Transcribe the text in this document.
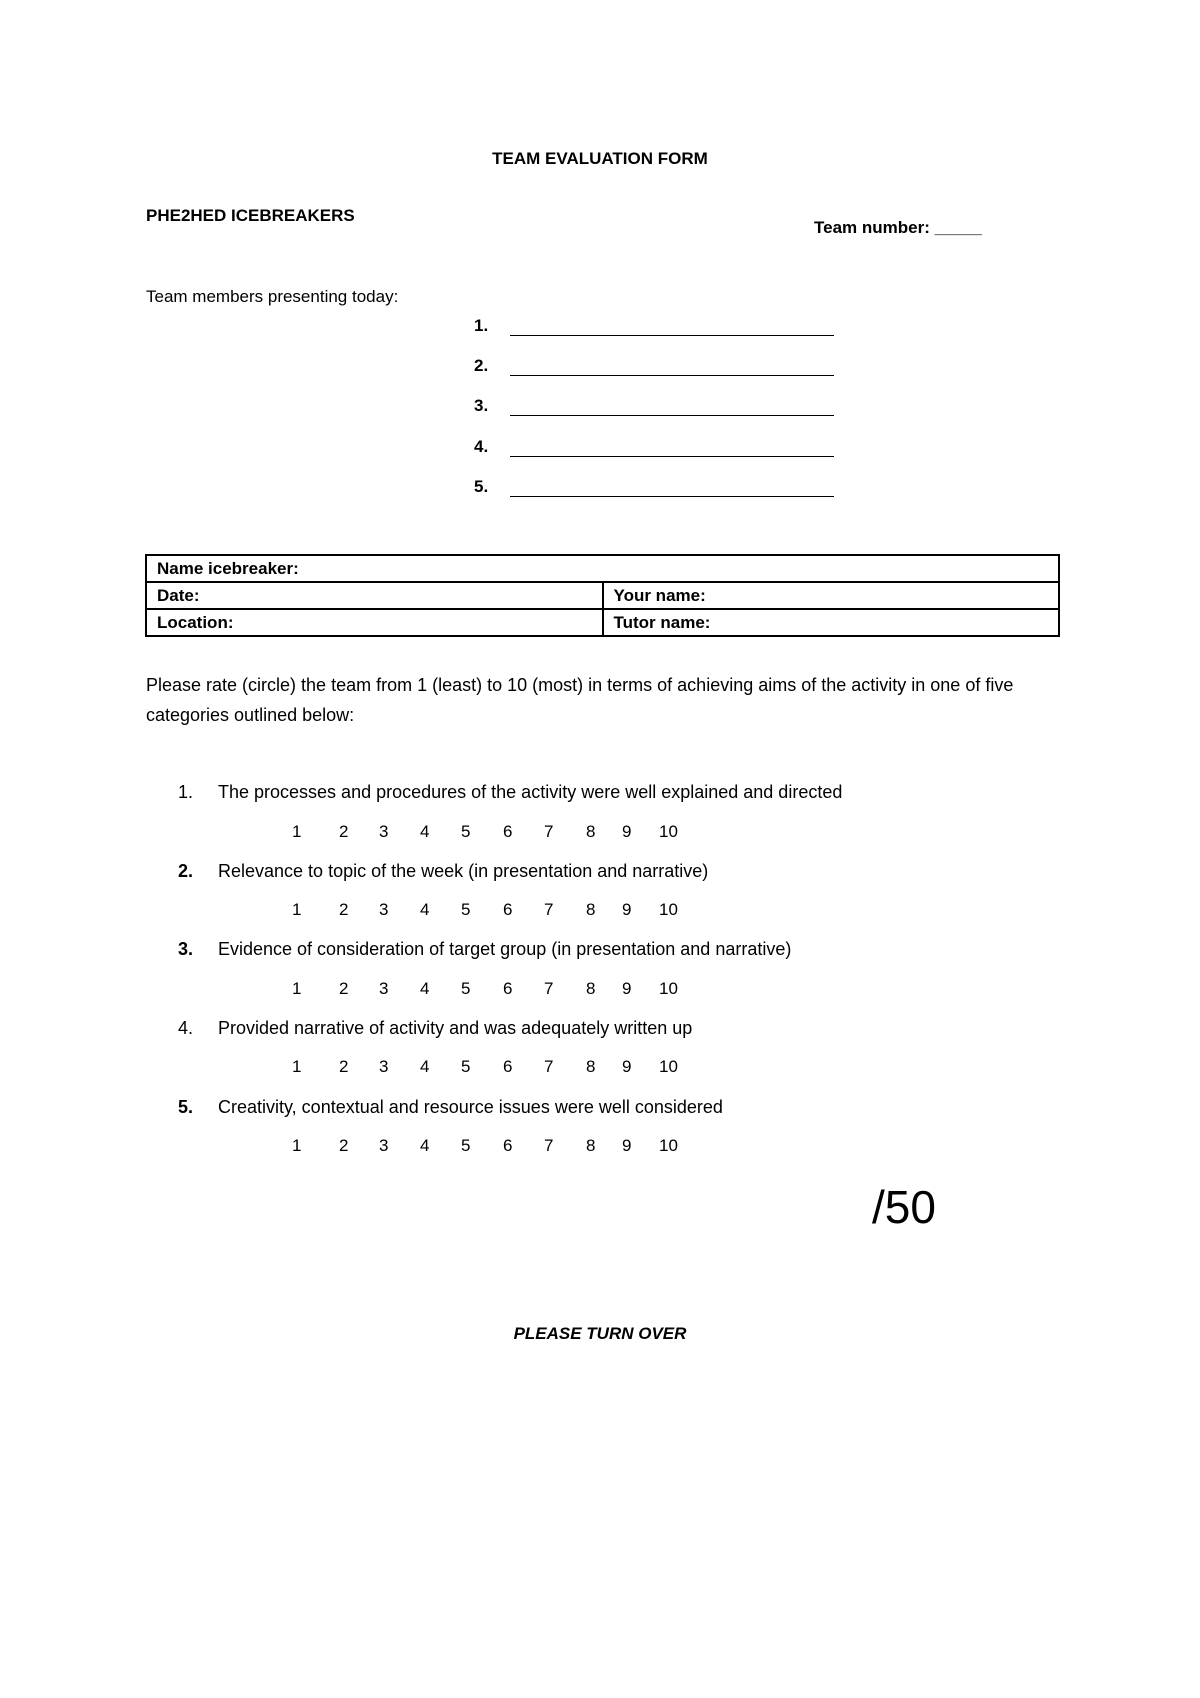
TEAM EVALUATION FORM
PHE2HED ICEBREAKERS
Team number: _____
Team members presenting today:
1.
2.
3.
4.
5.
Name icebreaker:	
Date:	Your name:
Location:	Tutor name:
Please rate (circle) the team from 1 (least) to 10 (most) in terms of achieving aims of the activity in one of five categories outlined below:
1.	The processes and procedures of the activity were well explained and directed
1	2	3	4	5	6	7	8	9	10
2.	Relevance to topic of the week (in presentation and narrative)
1	2	3	4	5	6	7	8	9	10
3.	Evidence of consideration of target group (in presentation and narrative)
1	2	3	4	5	6	7	8	9	10
4.	Provided narrative of activity and was adequately written up
1	2	3	4	5	6	7	8	9	10
5.	Creativity, contextual and resource issues were well considered
1	2	3	4	5	6	7	8	9	10
/50
PLEASE TURN OVER
